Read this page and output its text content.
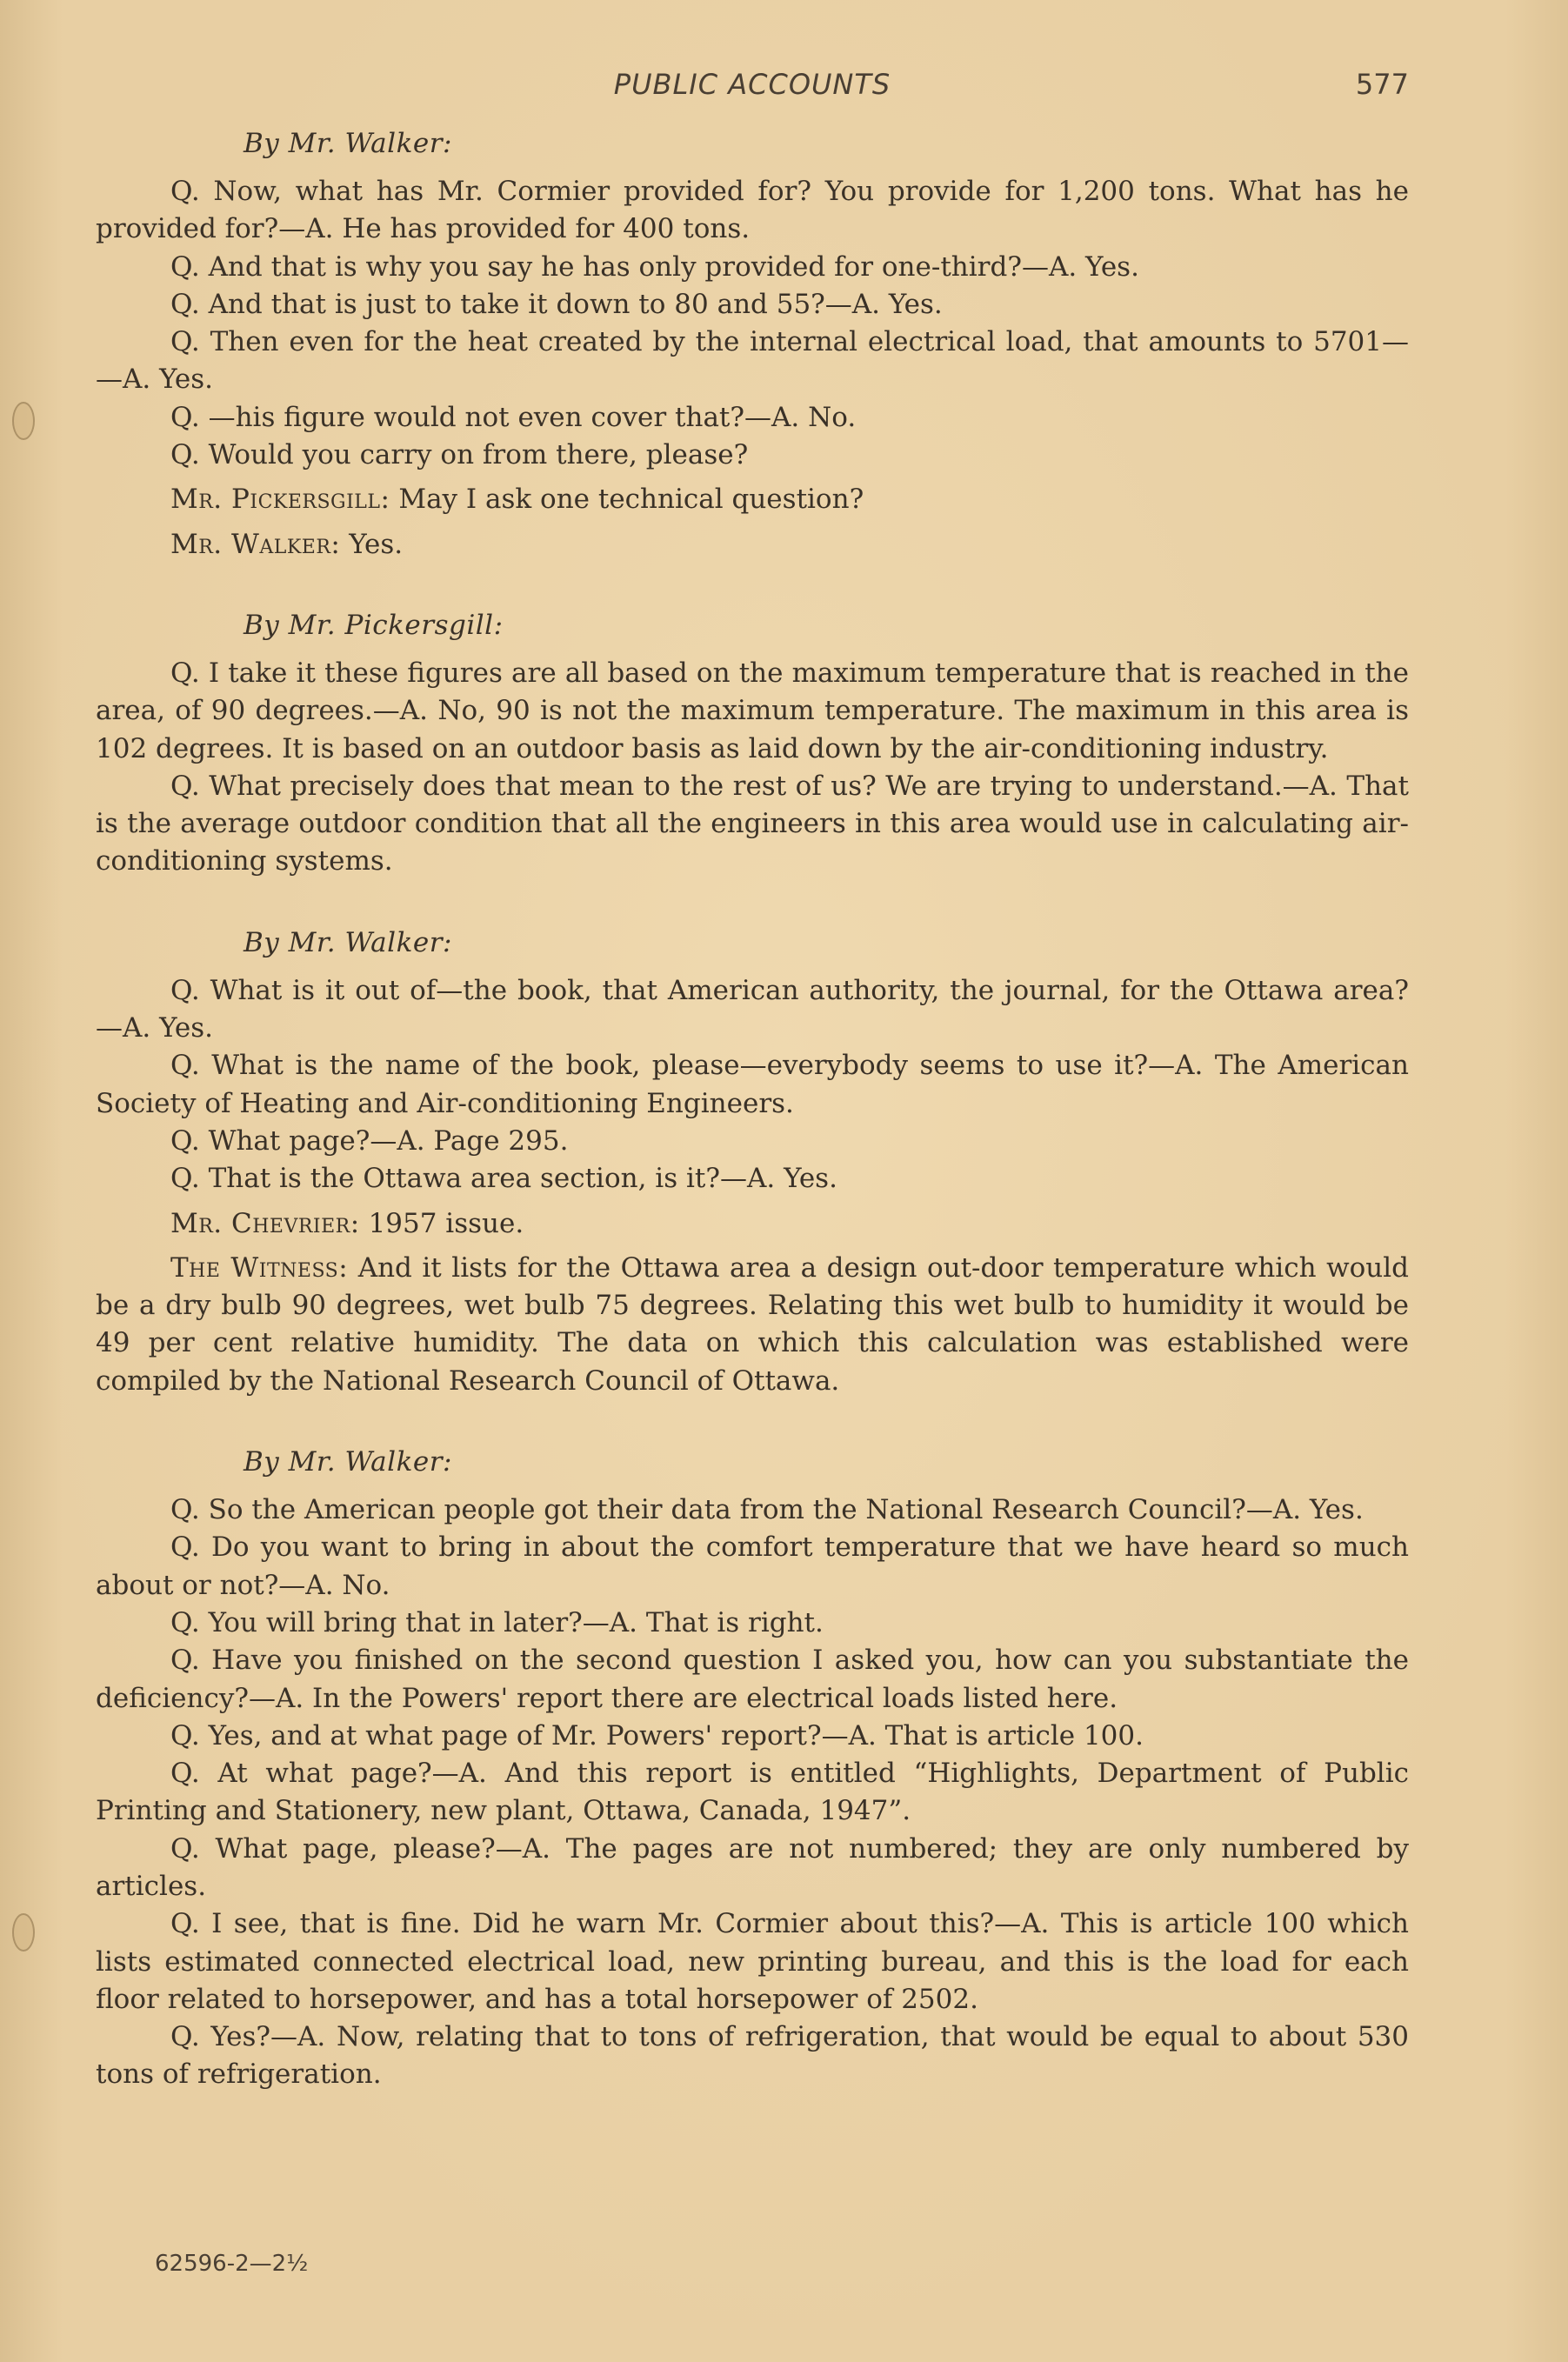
PUBLIC ACCOUNTS	577
By Mr. Walker:

Q. Now, what has Mr. Cormier provided for? You provide for 1,200 tons. What has he provided for?—A. He has provided for 400 tons.

Q. And that is why you say he has only provided for one-third?—A. Yes.

Q. And that is just to take it down to 80 and 55?—A. Yes.

Q. Then even for the heat created by the internal electrical load, that amounts to 5701— —A. Yes.

Q. —his figure would not even cover that?—A. No.

Q. Would you carry on from there, please?

Mr. Pickersgill: May I ask one technical question?

Mr. Walker: Yes.

By Mr. Pickersgill:

Q. I take it these figures are all based on the maximum temperature that is reached in the area, of 90 degrees.—A. No, 90 is not the maximum temperature. The maximum in this area is 102 degrees. It is based on an outdoor basis as laid down by the air-conditioning industry.

Q. What precisely does that mean to the rest of us? We are trying to understand.—A. That is the average outdoor condition that all the engineers in this area would use in calculating air-conditioning systems.

By Mr. Walker:

Q. What is it out of—the book, that American authority, the journal, for the Ottawa area?—A. Yes.

Q. What is the name of the book, please—everybody seems to use it?—A. The American Society of Heating and Air-conditioning Engineers.

Q. What page?—A. Page 295.

Q. That is the Ottawa area section, is it?—A. Yes.

Mr. Chevrier: 1957 issue.

The Witness: And it lists for the Ottawa area a design out-door temperature which would be a dry bulb 90 degrees, wet bulb 75 degrees. Relating this wet bulb to humidity it would be 49 per cent relative humidity. The data on which this calculation was established were compiled by the National Research Council of Ottawa.

By Mr. Walker:

Q. So the American people got their data from the National Research Council?—A. Yes.

Q. Do you want to bring in about the comfort temperature that we have heard so much about or not?—A. No.

Q. You will bring that in later?—A. That is right.

Q. Have you finished on the second question I asked you, how can you substantiate the deficiency?—A. In the Powers' report there are electrical loads listed here.

Q. Yes, and at what page of Mr. Powers' report?—A. That is article 100.

Q. At what page?—A. And this report is entitled “Highlights, Department of Public Printing and Stationery, new plant, Ottawa, Canada, 1947”.

Q. What page, please?—A. The pages are not numbered; they are only numbered by articles.

Q. I see, that is fine. Did he warn Mr. Cormier about this?—A. This is article 100 which lists estimated connected electrical load, new printing bureau, and this is the load for each floor related to horsepower, and has a total horsepower of 2502.

Q. Yes?—A. Now, relating that to tons of refrigeration, that would be equal to about 530 tons of refrigeration.

62596-2—2½
